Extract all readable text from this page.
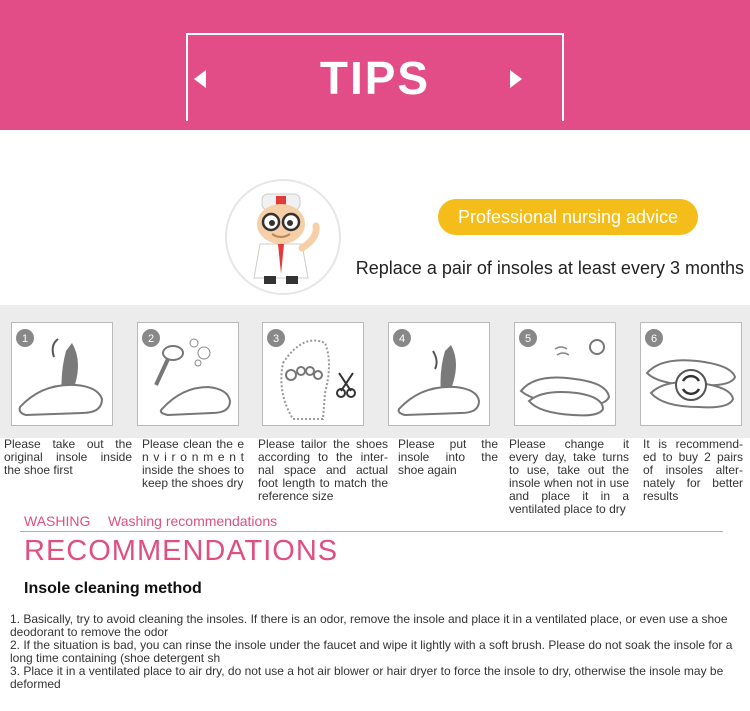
TIPS
Professional nursing advice
Replace a pair of insoles at least every 3 months
1	2	3	4	5	6
Please take out the original insole inside the shoe first
Please clean the e n v i r o n m e n t inside the shoes to keep the shoes dry
Please tailor the shoes according to the inter-nal space and actual foot length to match the reference size
Please put the insole into the shoe again
Please change it every day, take turns to use, take out the insole when not in use and place it in a ventilated place to dry
It is recommend-ed to buy 2 pairs of insoles alter-nately for better results
WASHING Washing recommendations
RECOMMENDATIONS
Insole cleaning method
1. Basically, try to avoid cleaning the insoles. If there is an odor, remove the insole and place it in a ventilated place, or even use a shoe deodorant to remove the odor
2. If the situation is bad, you can rinse the insole under the faucet and wipe it lightly with a soft brush. Please do not soak the insole for a long time containing (shoe detergent sh
3. Place it in a ventilated place to air dry, do not use a hot air blower or hair dryer to force the insole to dry, otherwise the insole may be deformed
